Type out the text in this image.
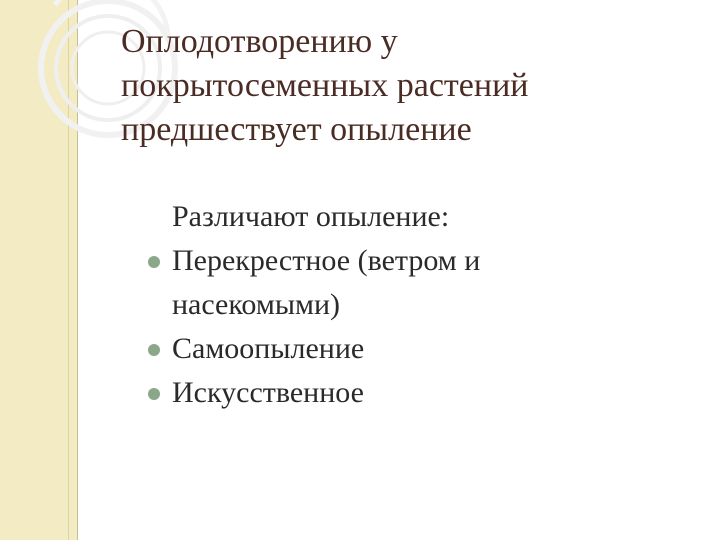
Оплодотворению у
покрытосеменных растений
предшествует опыление
Различают опыление:
Перекрестное (ветром и
насекомыми)
Самоопыление
Искусственное
